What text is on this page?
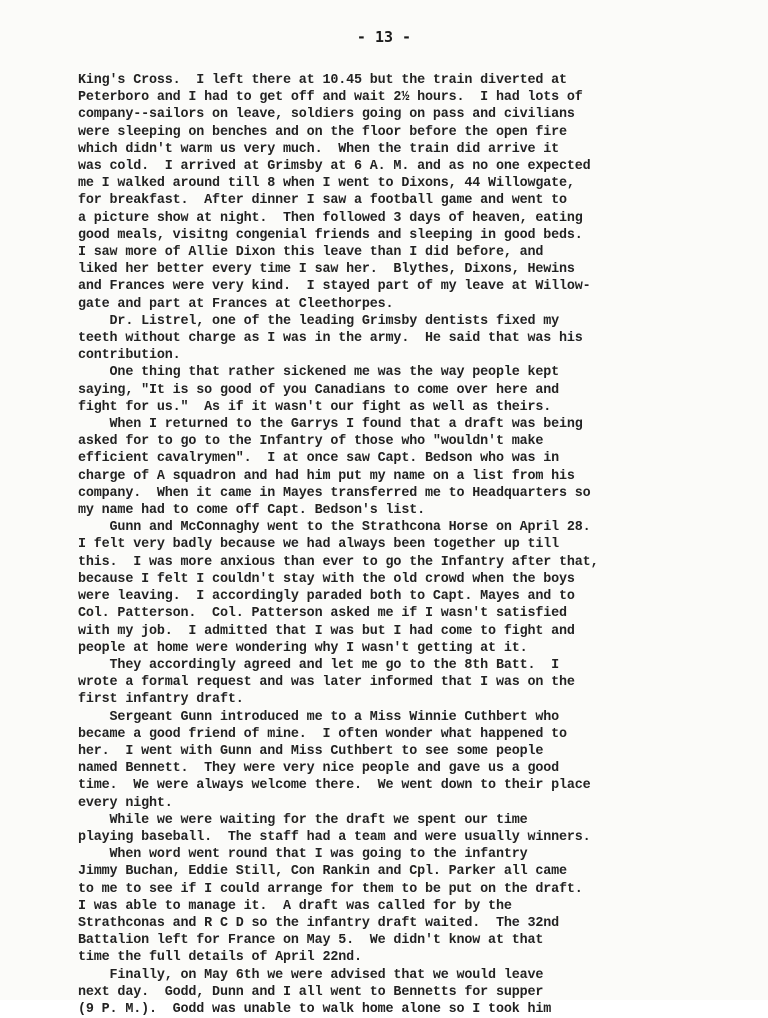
- 13 -
King's Cross.  I left there at 10.45 but the train diverted at
Peterboro and I had to get off and wait 2½ hours.  I had lots of
company--sailors on leave, soldiers going on pass and civilians
were sleeping on benches and on the floor before the open fire
which didn't warm us very much.  When the train did arrive it
was cold.  I arrived at Grimsby at 6 A. M. and as no one expected
me I walked around till 8 when I went to Dixons, 44 Willowgate,
for breakfast.  After dinner I saw a football game and went to
a picture show at night.  Then followed 3 days of heaven, eating
good meals, visitng congenial friends and sleeping in good beds.
I saw more of Allie Dixon this leave than I did before, and
liked her better every time I saw her.  Blythes, Dixons, Hewins
and Frances were very kind.  I stayed part of my leave at Willow-
gate and part at Frances at Cleethorpes.
Dr. Listrel, one of the leading Grimsby dentists fixed my
teeth without charge as I was in the army.  He said that was his
contribution.
One thing that rather sickened me was the way people kept
saying, "It is so good of you Canadians to come over here and
fight for us."  As if it wasn't our fight as well as theirs.
When I returned to the Garrys I found that a draft was being
asked for to go to the Infantry of those who "wouldn't make
efficient cavalrymen".  I at once saw Capt. Bedson who was in
charge of A squadron and had him put my name on a list from his
company.  When it came in Mayes transferred me to Headquarters so
my name had to come off Capt. Bedson's list.
Gunn and McConnaghy went to the Strathcona Horse on April 28.
I felt very badly because we had always been together up till
this.  I was more anxious than ever to go the Infantry after that,
because I felt I couldn't stay with the old crowd when the boys
were leaving.  I accordingly paraded both to Capt. Mayes and to
Col. Patterson.  Col. Patterson asked me if I wasn't satisfied
with my job.  I admitted that I was but I had come to fight and
people at home were wondering why I wasn't getting at it.
They accordingly agreed and let me go to the 8th Batt.  I
wrote a formal request and was later informed that I was on the
first infantry draft.
Sergeant Gunn introduced me to a Miss Winnie Cuthbert who
became a good friend of mine.  I often wonder what happened to
her.  I went with Gunn and Miss Cuthbert to see some people
named Bennett.  They were very nice people and gave us a good
time.  We were always welcome there.  We went down to their place
every night.
While we were waiting for the draft we spent our time
playing baseball.  The staff had a team and were usually winners.
When word went round that I was going to the infantry
Jimmy Buchan, Eddie Still, Con Rankin and Cpl. Parker all came
to me to see if I could arrange for them to be put on the draft.
I was able to manage it.  A draft was called for by the
Strathconas and R C D so the infantry draft waited.  The 32nd
Battalion left for France on May 5.  We didn't know at that
time the full details of April 22nd.
Finally, on May 6th we were advised that we would leave
next day.  Godd, Dunn and I all went to Bennetts for supper
(9 P. M.).  Godd was unable to walk home alone so I took him
